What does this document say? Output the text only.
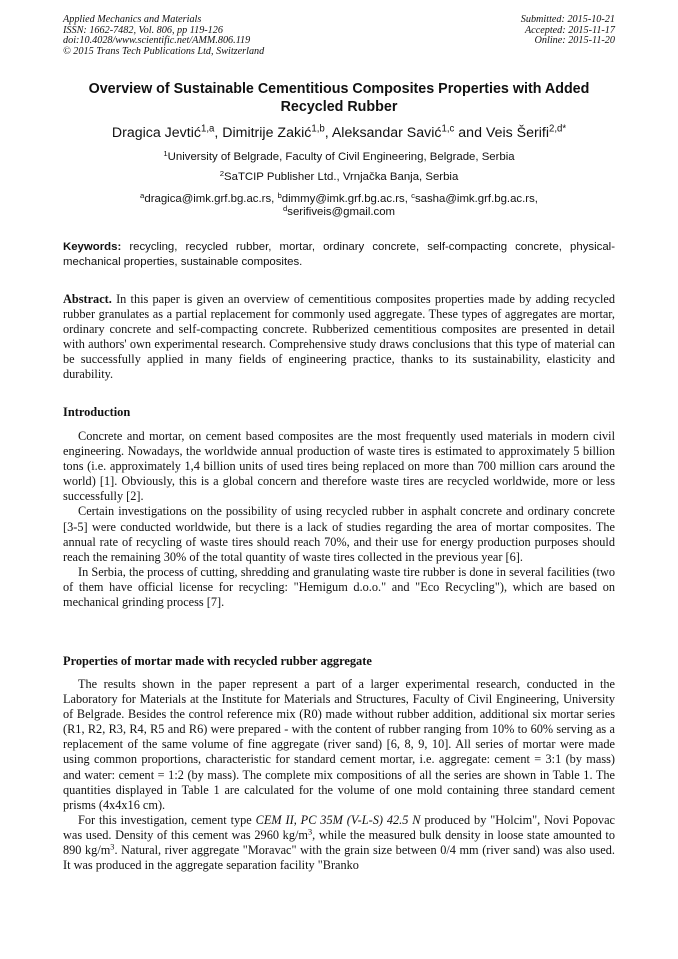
Applied Mechanics and Materials
ISSN: 1662-7482, Vol. 806, pp 119-126
doi:10.4028/www.scientific.net/AMM.806.119
© 2015 Trans Tech Publications Ltd, Switzerland
Submitted: 2015-10-21
Accepted: 2015-11-17
Online: 2015-11-20
Overview of Sustainable Cementitious Composites Properties with Added Recycled Rubber
Dragica Jevtić$^{1,a}$, Dimitrije Zakić$^{1,b}$, Aleksandar Savić$^{1,c}$ and Veis Šerifi$^{2,d*}$
$^1$University of Belgrade, Faculty of Civil Engineering, Belgrade, Serbia
$^2$SaTCIP Publisher Ltd., Vrnjačka Banja, Serbia
$^a$dragica@imk.grf.bg.ac.rs, $^b$dimmy@imk.grf.bg.ac.rs, $^c$sasha@imk.grf.bg.ac.rs,
$^d$serifiveis@gmail.com
Keywords: recycling, recycled rubber, mortar, ordinary concrete, self-compacting concrete, physical-mechanical properties, sustainable composites.
Abstract. In this paper is given an overview of cementitious composites properties made by adding recycled rubber granulates as a partial replacement for commonly used aggregate. These types of aggregates are mortar, ordinary concrete and self-compacting concrete. Rubberized cementitious composites are presented in detail with authors' own experimental research. Comprehensive study draws conclusions that this type of material can be successfully applied in many fields of engineering practice, thanks to its sustainability, elasticity and durability.
Introduction

Concrete and mortar, on cement based composites are the most frequently used materials in modern civil engineering. Nowadays, the worldwide annual production of waste tires is estimated to approximately 5 billion tons (i.e. approximately 1,4 billion units of used tires being replaced on more than 700 million cars around the world) [1]. Obviously, this is a global concern and therefore waste tires are recycled worldwide, more or less successfully [2].

Certain investigations on the possibility of using recycled rubber in asphalt concrete and ordinary concrete [3-5] were conducted worldwide, but there is a lack of studies regarding the area of mortar composites. The annual rate of recycling of waste tires should reach 70%, and their use for energy production purposes should reach the remaining 30% of the total quantity of waste tires collected in the previous year [6].

In Serbia, the process of cutting, shredding and granulating waste tire rubber is done in several facilities (two of them have official license for recycling: "Hemigum d.o.o." and "Eco Recycling"), which are based on mechanical grinding process [7].

Properties of mortar made with recycled rubber aggregate

The results shown in the paper represent a part of a larger experimental research, conducted in the Laboratory for Materials at the Institute for Materials and Structures, Faculty of Civil Engineering, University of Belgrade. Besides the control reference mix (R0) made without rubber addition, additional six mortar series (R1, R2, R3, R4, R5 and R6) were prepared - with the content of rubber ranging from 10% to 60% serving as a replacement of the same volume of fine aggregate (river sand) [6, 8, 9, 10]. All series of mortar were made using common proportions, characteristic for standard cement mortar, i.e. aggregate: cement = 3:1 (by mass) and water: cement = 1:2 (by mass). The complete mix compositions of all the series are shown in Table 1. The quantities displayed in Table 1 are calculated for the volume of one mold containing three standard cement prisms (4x4x16 cm).

For this investigation, cement type CEM II, PC 35M (V-L-S) 42.5 N produced by "Holcim", Novi Popovac was used. Density of this cement was 2960 $kg/m^3$, while the measured bulk density in loose state amounted to 890 $kg/m^3$. Natural, river aggregate "Moravac" with the grain size between 0/4 mm (river sand) was also used. It was produced in the aggregate separation facility "Branko
